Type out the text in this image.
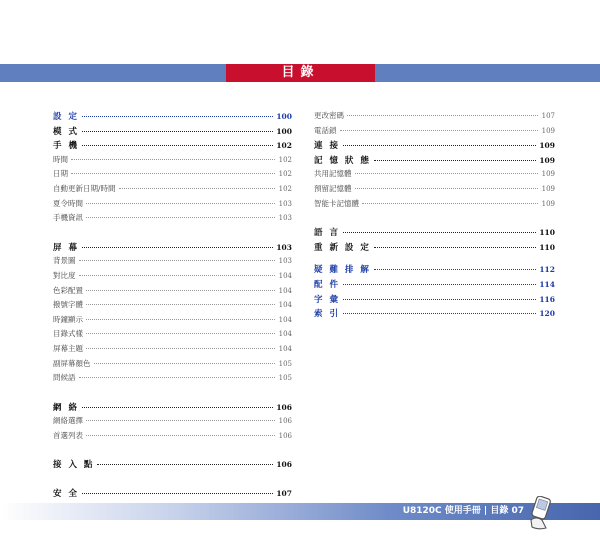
目錄
設 定	100
模 式	100
手 機	102
時間	102
日期	102
自動更新日期/時間	102
夏令時間	103
手機資訊	103
屏 幕	103
背景圖	103
對比度	104
色彩配置	104
撥號字體	104
時鐘顯示	104
目錄式樣	104
屏幕主題	104
副屏幕顏色	105
問候語	105
網 絡	106
網絡選擇	106
首選列表	106
接 入 點	106
安 全	107
更改密碼	107
電話鎖	109
連 接	109
記 憶 狀 態	109
共用記憶體	109
預留記憶體	109
智能卡記憶體	109
語 言	110
重 新 設 定	110
疑 難 排 解	112
配 件	114
字 彙	116
索 引	120
U8120C 使用手冊 | 目錄 07
